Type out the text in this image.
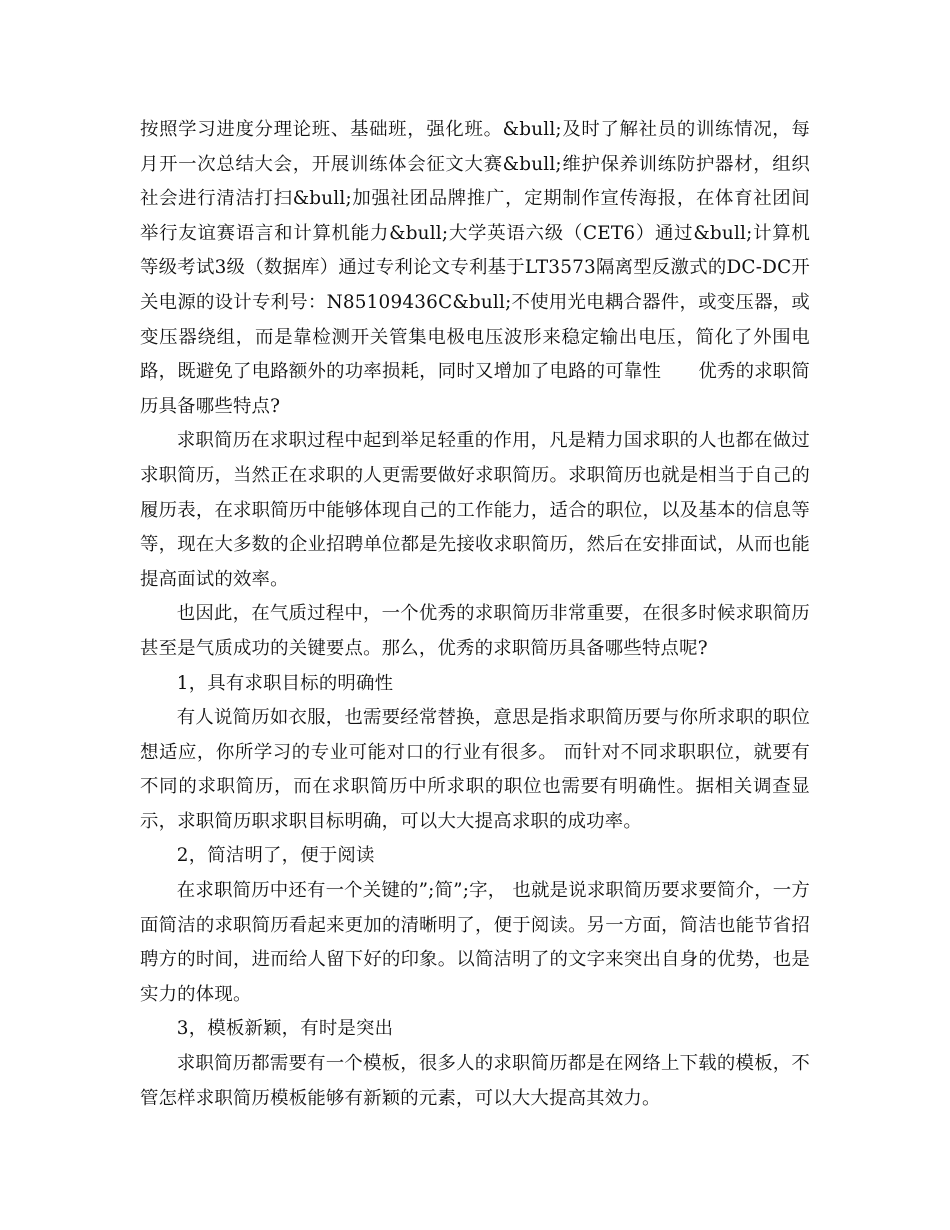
按照学习进度分理论班、基础班，强化班。&bull;及时了解社员的训练情况，每月开一次总结大会，开展训练体会征文大赛&bull;维护保养训练防护器材，组织社会进行清洁打扫&bull;加强社团品牌推广，定期制作宣传海报，在体育社团间举行友谊赛语言和计算机能力&bull;大学英语六级（CET6）通过&bull;计算机等级考试3级（数据库）通过专利论文专利基于LT3573隔离型反激式的DC-DC开关电源的设计专利号：N85109436C&bull;不使用光电耦合器件，或变压器，或变压器绕组，而是靠检测开关管集电极电压波形来稳定输出电压，简化了外围电路，既避免了电路额外的功率损耗，同时又增加了电路的可靠性　　优秀的求职简历具备哪些特点?

求职简历在求职过程中起到举足轻重的作用，凡是精力国求职的人也都在做过求职简历，当然正在求职的人更需要做好求职简历。求职简历也就是相当于自己的履历表，在求职简历中能够体现自己的工作能力，适合的职位，以及基本的信息等等，现在大多数的企业招聘单位都是先接收求职简历，然后在安排面试，从而也能提高面试的效率。

也因此，在气质过程中，一个优秀的求职简历非常重要，在很多时候求职简历甚至是气质成功的关键要点。那么，优秀的求职简历具备哪些特点呢?

1，具有求职目标的明确性

有人说简历如衣服，也需要经常替换，意思是指求职简历要与你所求职的职位想适应，你所学习的专业可能对口的行业有很多。 而针对不同求职职位，就要有不同的求职简历，而在求职简历中所求职的职位也需要有明确性。据相关调查显示，求职简历职求职目标明确，可以大大提高求职的成功率。

2，简洁明了，便于阅读

在求职简历中还有一个关键的”;简”;字， 也就是说求职简历要求要简介，一方面简洁的求职简历看起来更加的清晰明了，便于阅读。另一方面，简洁也能节省招聘方的时间，进而给人留下好的印象。以简洁明了的文字来突出自身的优势，也是实力的体现。

3，模板新颖，有时是突出

求职简历都需要有一个模板，很多人的求职简历都是在网络上下载的模板，不管怎样求职简历模板能够有新颖的元素，可以大大提高其效力。
